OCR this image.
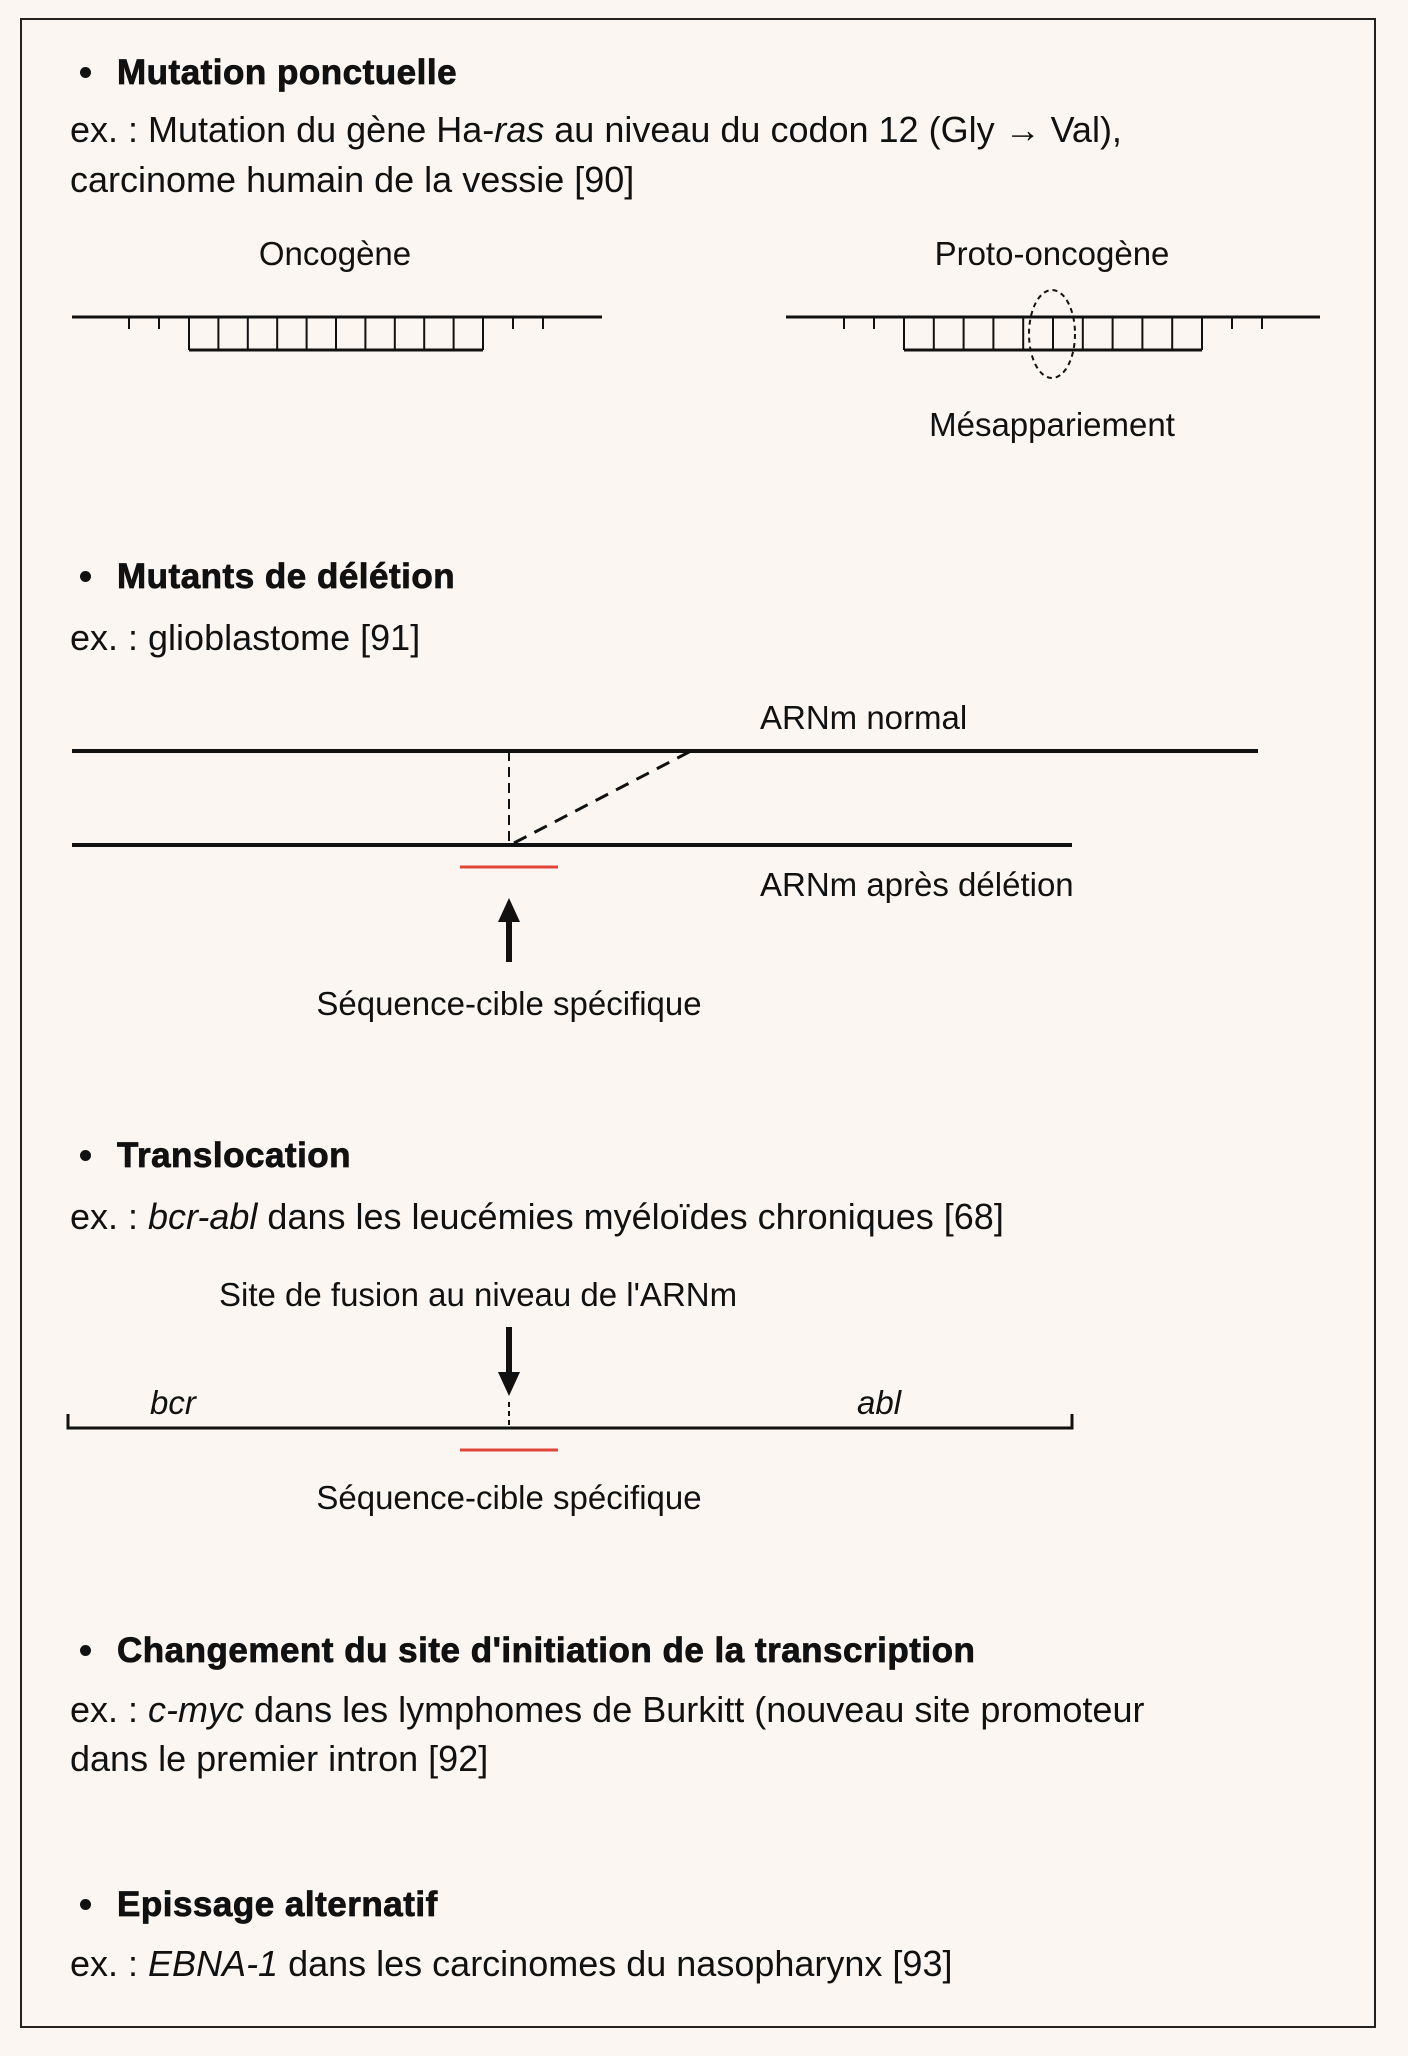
Mutation ponctuelle
ex. : Mutation du gène Ha-ras au niveau du codon 12 (Gly → Val),
carcinome humain de la vessie [90]
Oncogène	Proto-oncogène
Mésappariement
Mutants de délétion
ex. : glioblastome [91]
ARNm normal
ARNm après délétion
Séquence-cible spécifique
Translocation
ex. : bcr-abl dans les leucémies myéloïdes chroniques [68]
Site de fusion au niveau de l'ARNm
bcr	abl
Séquence-cible spécifique
Changement du site d'initiation de la transcription
ex. : c-myc dans les lymphomes de Burkitt (nouveau site promoteur
dans le premier intron [92]
Epissage alternatif
ex. : EBNA-1 dans les carcinomes du nasopharynx [93]
